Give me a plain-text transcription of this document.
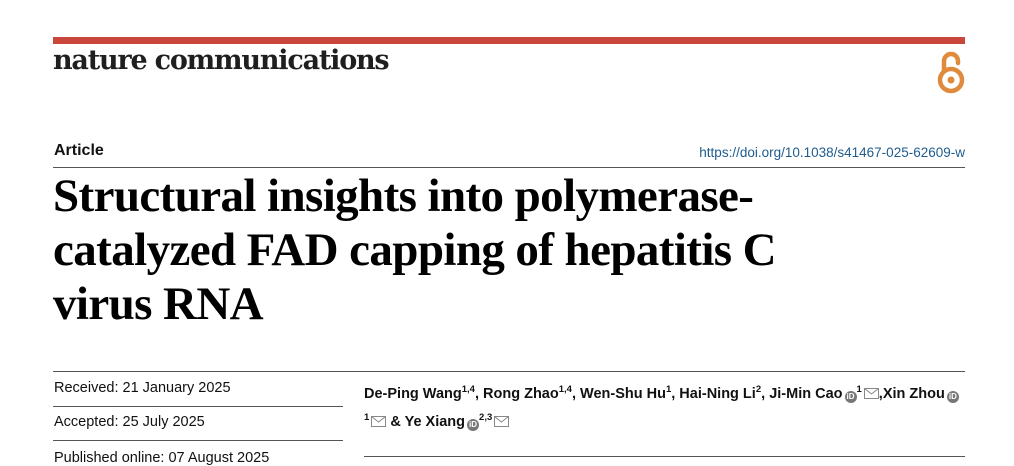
nature communications
Article	https://doi.org/10.1038/s41467-025-62609-w
Structural insights into polymerase-
catalyzed FAD capping of hepatitis C
virus RNA
Received: 21 January 2025
Accepted: 25 July 2025
Published online: 07 August 2025
De-Ping Wang$^{1,4}$, Rong Zhao$^{1,4}$, Wen-Shu Hu$^1$, Hai-Ning Li$^2$, Ji-Min Cao $iD^1$ ,Xin Zhou $iD^1$ & Ye Xiang iD$^{2,3}$
